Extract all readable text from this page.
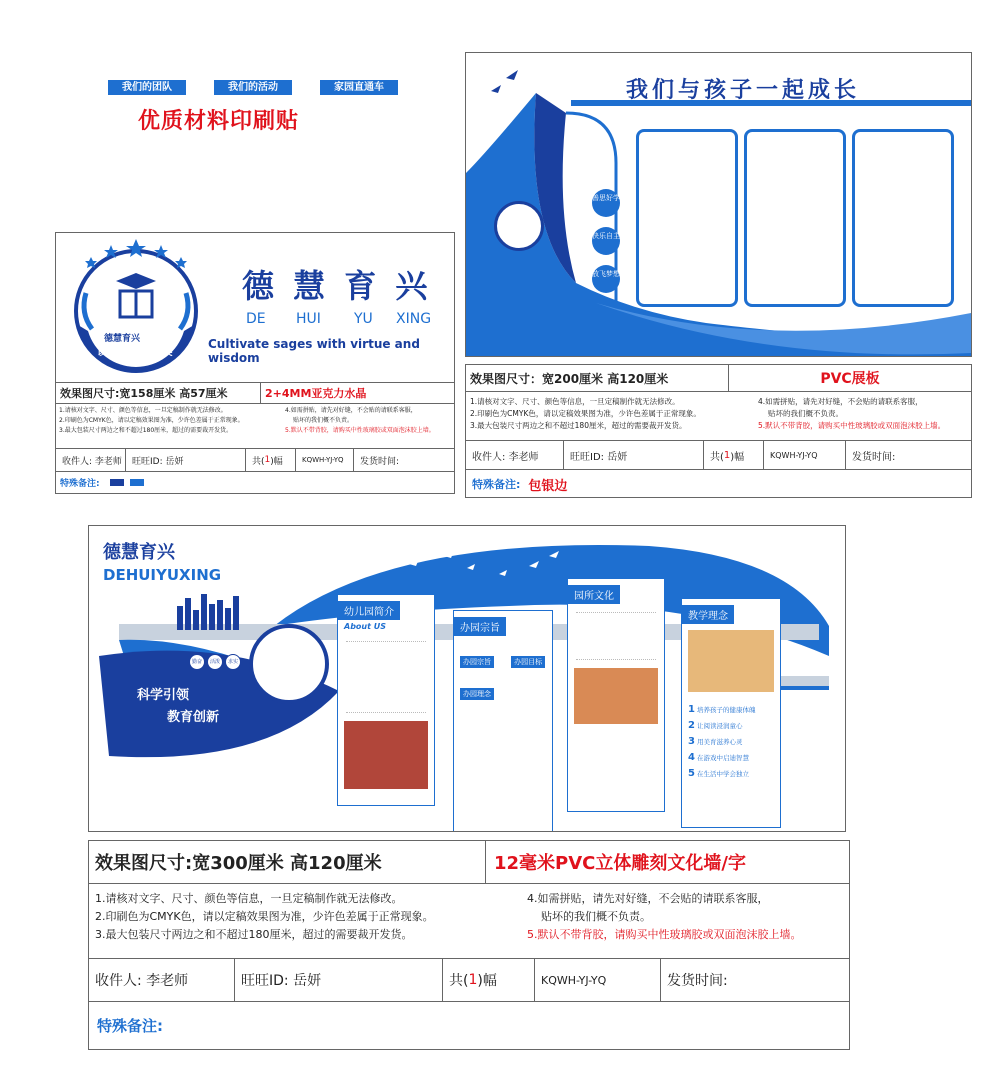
我们的团队	我们的活动	家园直通车
优质材料印刷贴
德慧育兴
以德养慧 培贤育英
德 慧 育 兴
DE HUI YU XING
Cultivate sages with virtue and wisdom
效果图尺寸:宽158厘米 高57厘米	2+4MM亚克力水晶
1.请核对文字、尺寸、颜色等信息，一旦定稿制作就无法修改。
2.印刷色为CMYK色，请以定稿效果图为准，少许色差属于正常现象。
3.最大包装尺寸两边之和不超过180厘米，超过的需要裁开发货。
4.如需拼贴，请先对好缝，不会贴的请联系客服，
贴坏的我们概不负责。
5.默认不带背胶，请购买中性玻璃胶或双面泡沫胶上墙。
收件人: 李老师	旺旺ID: 岳妍	共( 1 )幅	KQWH-YJ-YQ	发货时间:
特殊备注:
我们与孩子一起成长
善思好学
快乐自主
放飞梦想
效果图尺寸：宽200厘米 高120厘米	PVC展板
1.请核对文字、尺寸、颜色等信息，一旦定稿制作就无法修改。
2.印刷色为CMYK色，请以定稿效果图为准，少许色差属于正常现象。
3.最大包装尺寸两边之和不超过180厘米，超过的需要裁开发货。
4.如需拼贴，请先对好缝，不会贴的请联系客服，
贴坏的我们概不负责。
5.默认不带背胶，请购买中性玻璃胶或双面泡沫胶上墙。
收件人: 李老师	旺旺ID: 岳妍	共( 1 )幅	KQWH-YJ-YQ	发货时间:
特殊备注: 包银边
德慧育兴
DEHUIYUXING
科学引领
教育创新
勤奋	活泼	求实
幼儿园简介
About US	办园宗旨 办园宗旨	办园目标 办园理念
园所文化
教学理念
1 培养孩子的健康体魄
2 让阅读浸润童心
3 用美育滋养心灵
4 在游戏中启迪智慧
5 在生活中学会独立
效果图尺寸:宽300厘米 高120厘米	12毫米PVC立体雕刻文化墙/字
1.请核对文字、尺寸、颜色等信息，一旦定稿制作就无法修改。
2.印刷色为CMYK色，请以定稿效果图为准，少许色差属于正常现象。
3.最大包装尺寸两边之和不超过180厘米，超过的需要裁开发货。
4.如需拼贴，请先对好缝，不会贴的请联系客服，
贴坏的我们概不负责。
5.默认不带背胶，请购买中性玻璃胶或双面泡沫胶上墙。
收件人: 李老师	旺旺ID: 岳妍	共( 1 )幅	KQWH-YJ-YQ	发货时间:
特殊备注:
